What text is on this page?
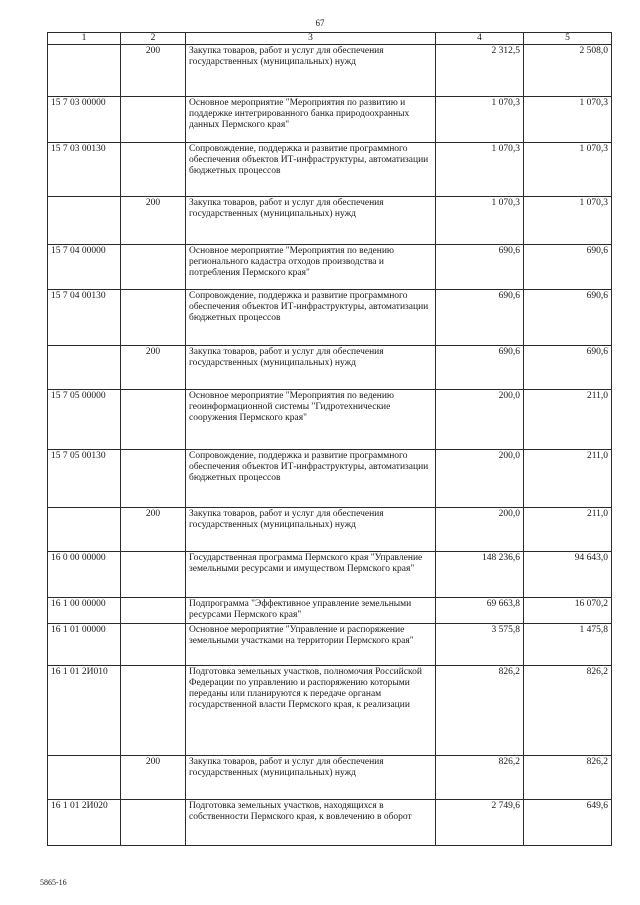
67
1	2	3	4	5
	200	Закупка товаров, работ и услуг для обеспечения государственных (муниципальных) нужд	2 312,5	2 508,0
15 7 03 00000		Основное мероприятие "Мероприятия по развитию и поддержке интегрированного банка природоохранных данных Пермского края"	1 070,3	1 070,3
15 7 03 00130		Сопровождение, поддержка и развитие программного обеспечения объектов ИТ-инфраструктуры, автоматизации бюджетных процессов	1 070,3	1 070,3
	200	Закупка товаров, работ и услуг для обеспечения государственных (муниципальных) нужд	1 070,3	1 070,3
15 7 04 00000		Основное мероприятие "Мероприятия по ведению регионального кадастра отходов производства и потребления Пермского края"	690,6	690,6
15 7 04 00130		Сопровождение, поддержка и развитие программного обеспечения объектов ИТ-инфраструктуры, автоматизации бюджетных процессов	690,6	690,6
	200	Закупка товаров, работ и услуг для обеспечения государственных (муниципальных) нужд	690,6	690,6
15 7 05 00000		Основное мероприятие "Мероприятия по ведению геоинформационной системы "Гидротехнические сооружения Пермского края"	200,0	211,0
15 7 05 00130		Сопровождение, поддержка и развитие программного обеспечения объектов ИТ-инфраструктуры, автоматизации бюджетных процессов	200,0	211,0
	200	Закупка товаров, работ и услуг для обеспечения государственных (муниципальных) нужд	200,0	211,0
16 0 00 00000		Государственная программа Пермского края "Управление земельными ресурсами и имуществом Пермского края"	148 236,6	94 643,0
16 1 00 00000		Подпрограмма "Эффективное управление земельными ресурсами Пермского края"	69 663,8	16 070,2
16 1 01 00000		Основное мероприятие "Управление и распоряжение земельными участками на территории Пермского края"	3 575,8	1 475,8
16 1 01 2И010		Подготовка земельных участков, полномочия Российской Федерации по управлению и распоряжению которыми переданы или планируются к передаче органам государственной власти Пермского края, к реализации	826,2	826,2
	200	Закупка товаров, работ и услуг для обеспечения государственных (муниципальных) нужд	826,2	826,2
16 1 01 2И020		Подготовка земельных участков, находящихся в собственности Пермского края, к вовлечению в оборот	2 749,6	649,6
5865-16
